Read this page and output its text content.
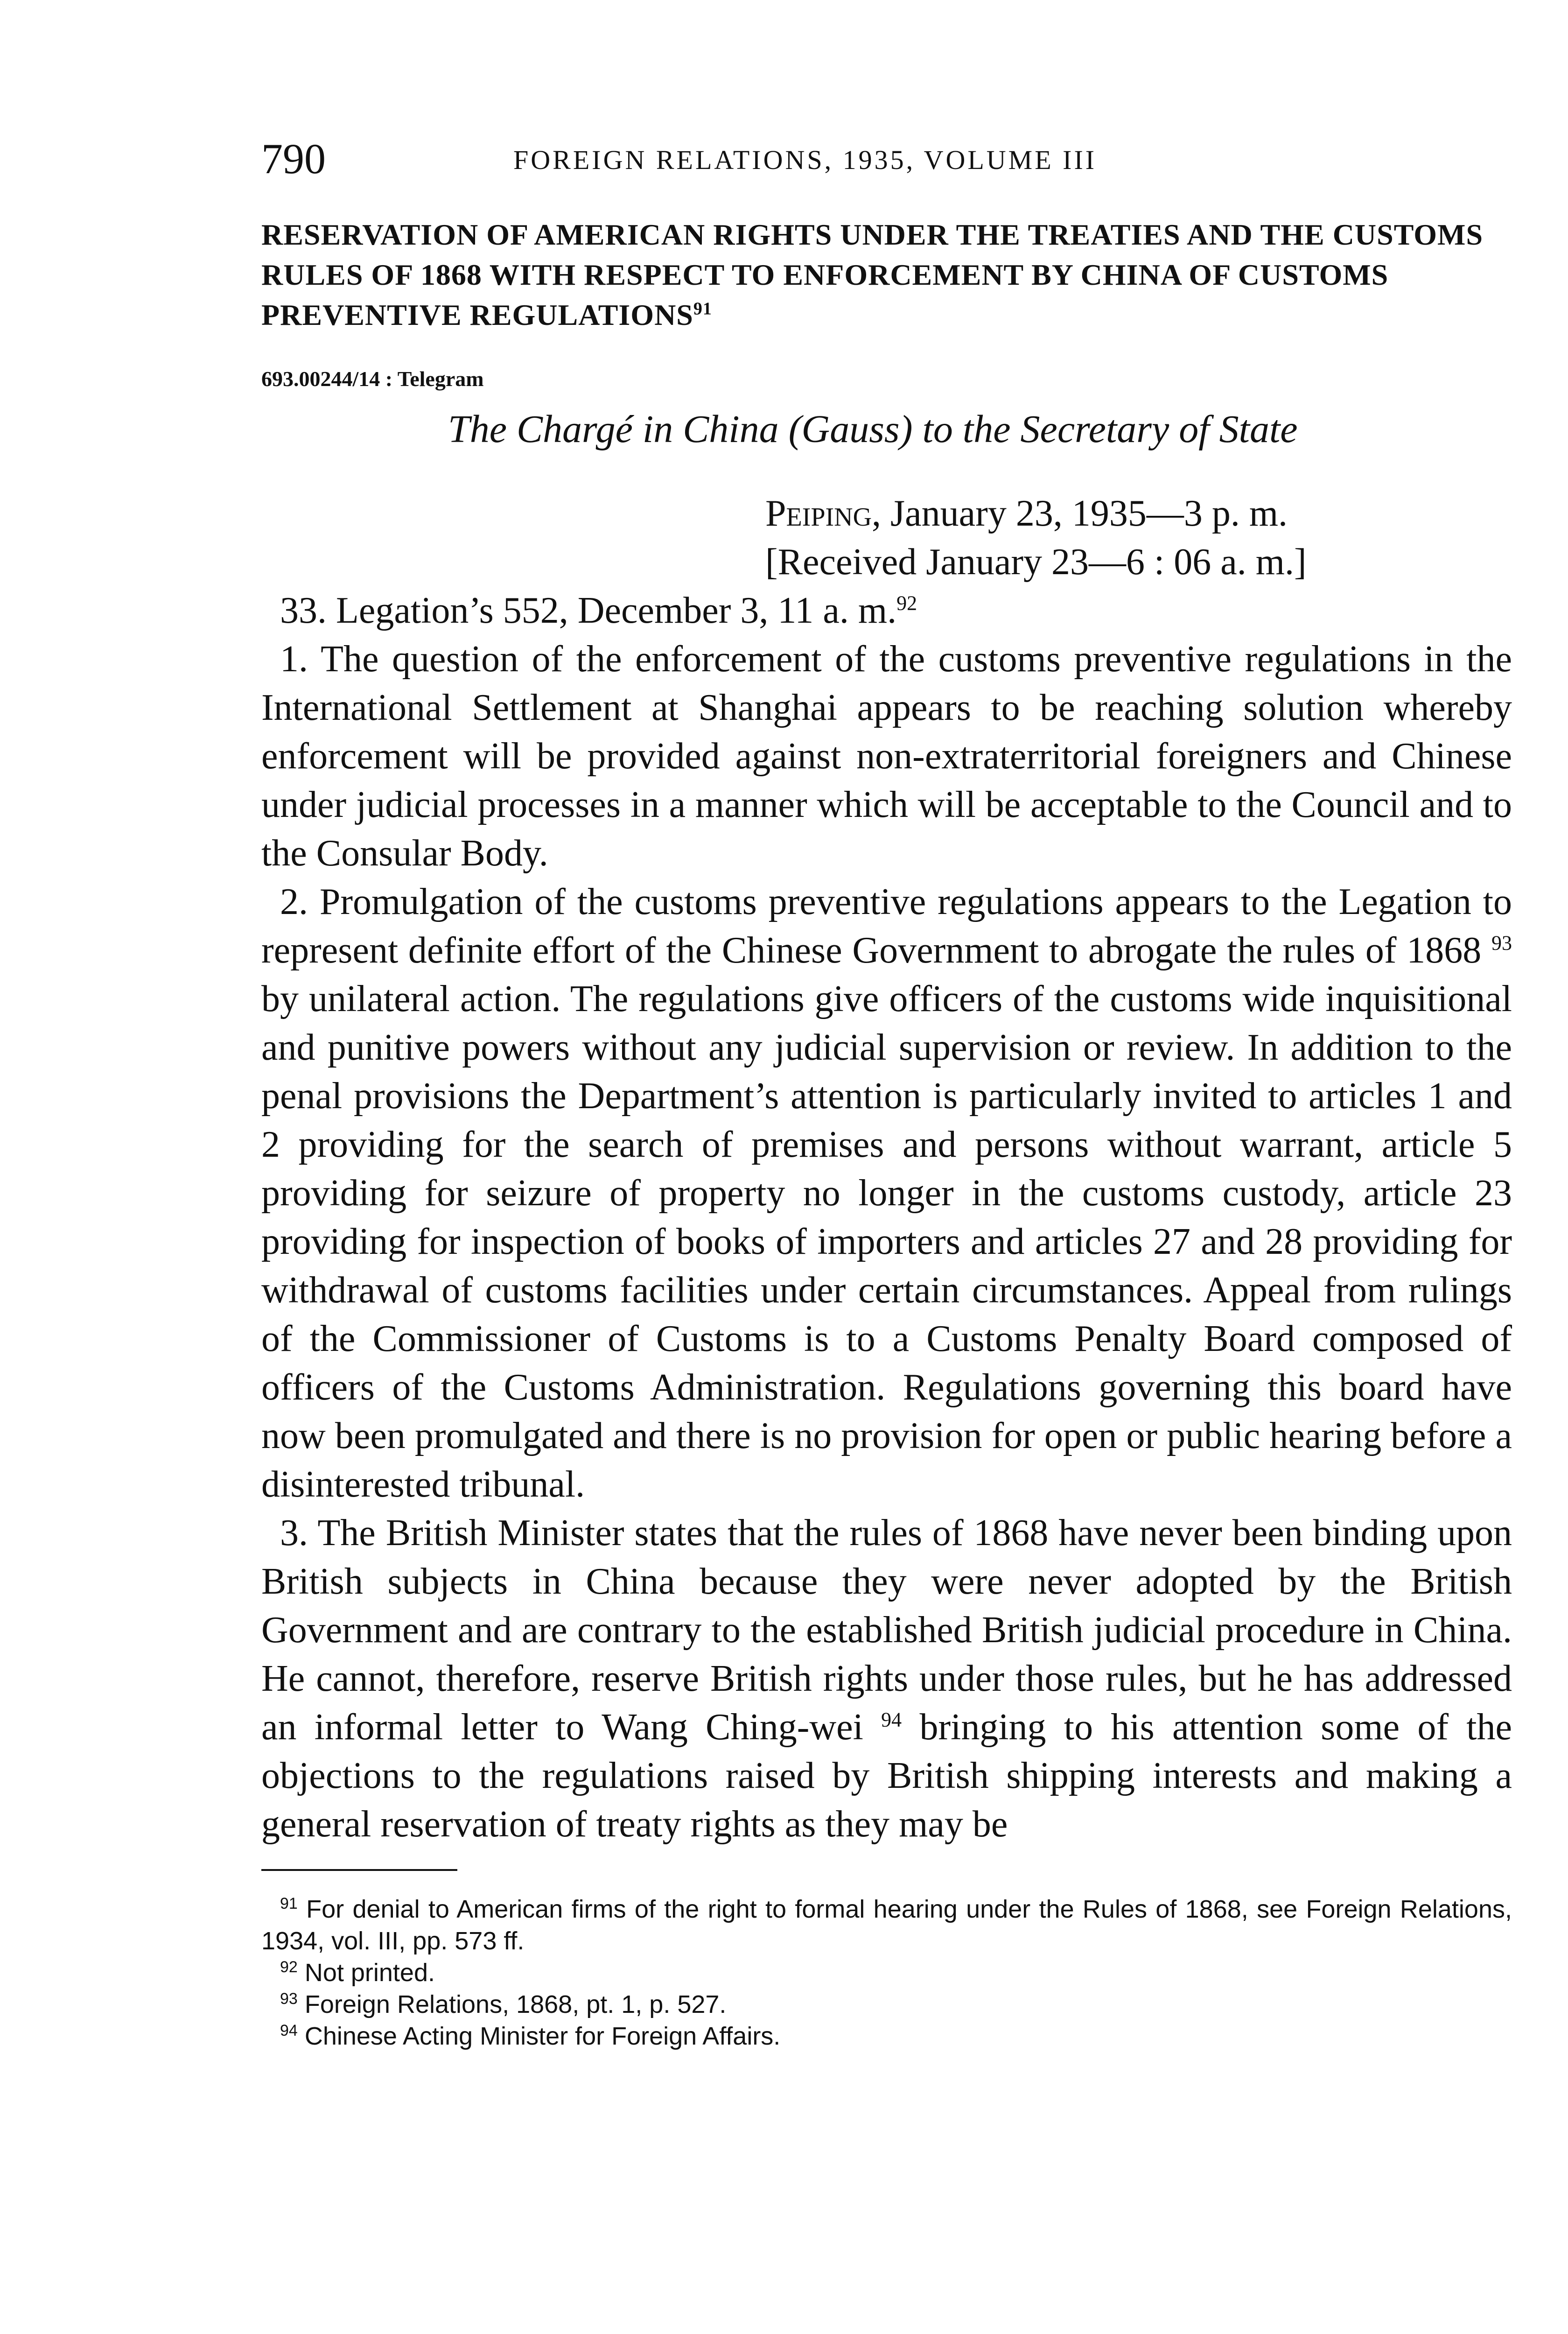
790	FOREIGN RELATIONS, 1935, VOLUME III
RESERVATION OF AMERICAN RIGHTS UNDER THE TREATIES AND THE CUSTOMS RULES OF 1868 WITH RESPECT TO ENFORCEMENT BY CHINA OF CUSTOMS PREVENTIVE REGULATIONS$^{91}$
693.00244/14 : Telegram
The Chargé in China (Gauss) to the Secretary of State
Peiping, January 23, 1935—3 p. m.
[Received January 23—6 : 06 a. m.]

33. Legation’s 552, December 3, 11 a. m.$^{92}$

1. The question of the enforcement of the customs preventive regulations in the International Settlement at Shanghai appears to be reaching solution whereby enforcement will be provided against non-extraterritorial foreigners and Chinese under judicial processes in a manner which will be acceptable to the Council and to the Consular Body.

2. Promulgation of the customs preventive regulations appears to the Legation to represent definite effort of the Chinese Government to abrogate the rules of 1868 $^{93}$ by unilateral action. The regulations give officers of the customs wide inquisitional and punitive powers without any judicial supervision or review. In addition to the penal provisions the Department’s attention is particularly invited to articles 1 and 2 providing for the search of premises and persons without warrant, article 5 providing for seizure of property no longer in the customs custody, article 23 providing for inspection of books of importers and articles 27 and 28 providing for withdrawal of customs facilities under certain circumstances. Appeal from rulings of the Commissioner of Customs is to a Customs Penalty Board composed of officers of the Customs Administration. Regulations governing this board have now been promulgated and there is no provision for open or public hearing before a disinterested tribunal.

3. The British Minister states that the rules of 1868 have never been binding upon British subjects in China because they were never adopted by the British Government and are contrary to the established British judicial procedure in China. He cannot, therefore, reserve British rights under those rules, but he has addressed an informal letter to Wang Ching-wei $^{94}$ bringing to his attention some of the objections to the regulations raised by British shipping interests and making a general reservation of treaty rights as they may be

$^{91}$ For denial to American firms of the right to formal hearing under the Rules of 1868, see Foreign Relations, 1934, vol. III, pp. 573 ff.

$^{92}$ Not printed.

$^{93}$ Foreign Relations, 1868, pt. 1, p. 527.

$^{94}$ Chinese Acting Minister for Foreign Affairs.
